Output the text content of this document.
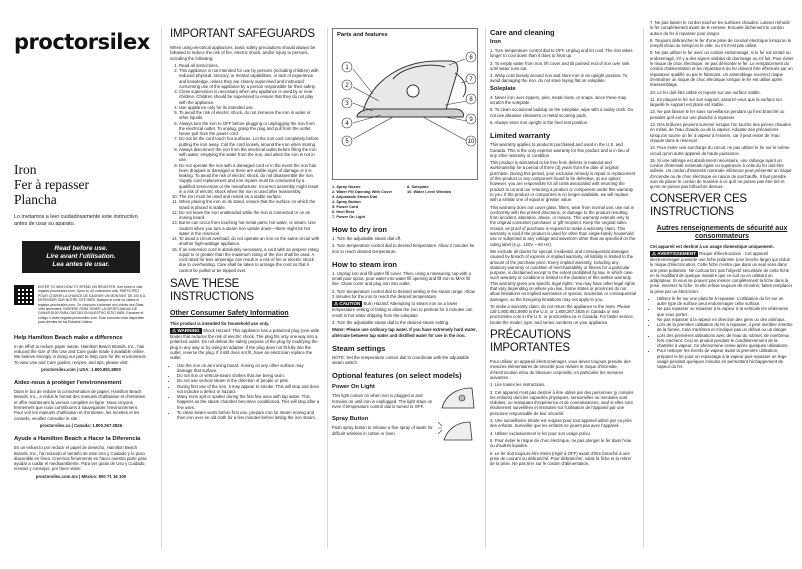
proctorsilex

Iron

Fer à repasser

Plancha

Lo invitamos a leer cuidadosamente este instructivo antes de usar su aparato.

Read before use.
Lire avant l'utilisation.
Lea antes de usar.
ENTER TO WIN! HOW TO SPEND ON REGISTER. See rules or visit register.proctorsilex.com. Open to US customers only. PARTICIPEZ POUR COURIR LA CHANCE DE GAGNER UN MONTANT DE 100 $ À DÉPENSER SUR NOTRE SITE WEB. Balayez le code ou visitez le registre.proctorsilex.com. Ce concours s'adresse aux clients des États-Unis seulement. INGRESE PARA TENER LA OPORTUNIDAD DE GANAR $100 PARA GASTAR EN NUESTRO SITIO WEB. Escanee el código o visite register.proctorsilex.com. Este concurso está disponible para clientes de los Estados Unidos.
Help Hamilton Beach make a difference

In an effort to reduce paper waste, Hamilton Beach Brands, Inc., has reduced the size of this Use and Care guide made it available online. We believe strongly in doing our part to help care for the environment. To view Use and Care guides, recipes, and tips, please visit:

proctorsilex.com | USA: 1.800.851.8900

Aidez-nous à protéger l'environnement

Dans le but de réduire la consommation de papier, Hamilton Beach Brands, Inc., a réduit le format des manuels d'utilisation et d'entretien et offre maintenant la version complète en ligne. Nous croyons fermement que nous contribuons à sauvegarder l'environnement. Pour voir les manuels d'utilisation et d'entretien, les recettes et les conseils, veuillez consulter le site :

proctorsilex.ca | Canada: 1.800.267.2826

Ayude a Hamilton Beach a Hacer la Diferencia

En un esfuerzo por reducir el papel de desecho, Hamilton Beach Brands, Inc., ha reducido el tamaño de este Uso y Cuidado y lo puso disponible en línea. Creemos firmemente en hacer nuestra parte para ayudar a cuidar el medioambiente. Para ver guías de Uso y Cuidado, recetas y consejos, por favor visite:

proctorsilex.com.mx | México: 800 71 16 100

IMPORTANT SAFEGUARDS

When using electrical appliances, basic safety precautions should always be followed to reduce the risk of fire, electric shock, and/or injury to persons, including the following:

1. Read all instructions.
2. This appliance is not intended for use by persons (including children) with reduced physical, sensory, or mental capabilities, or lack of experience and knowledge, unless they are closely supervised and instructed concerning use of the appliance by a person responsible for their safety.
3. Close supervision is necessary when any appliance is used by or near children. Children should be supervised to ensure that they do not play with the appliance.
4. Use appliance only for its intended use.
5. To avoid the risk of electric shock, do not immerse the iron in water or other liquids.
6. Always turn the iron to OFF before plugging or unplugging the iron from the electrical outlet. To unplug, grasp the plug and pull from the outlet. Never pull from the power cord.
7. Do not let the cord touch hot surfaces. Let the iron cool completely before putting the iron away. Coil the cord loosely around the iron when storing.
8. Always disconnect the iron from the electrical outlet before filling the iron with water, emptying the water from the iron, and when the iron is not in use.
9. Do not operate the iron with a damaged cord or in the event the iron has been dropped or damaged or there are visible signs of damage or it is leaking. To avoid the risk of electric shock, do not disassemble the iron. Supply cord replacement and iron repairs must be conducted by a qualified serviceman or the manufacturer. Incorrect assembly might result in a risk of electric shock when the iron is used after reassembly.
10. The iron must be used and rested on a stable surface.
11. When placing the iron on its stand, ensure that the surface on which the stand is placed is stable.
12. Do not leave the iron unattended while the iron is connected or on an ironing board.
13. Burns can occur from touching hot metal parts, hot water, or steam. Use caution when you turn a steam iron upside down—there might be hot water in the reservoir.
14. To avoid a circuit overload, do not operate an iron on the same circuit with another high-wattage appliance.
15. If an extension cord is absolutely necessary, a cord with an ampere rating equal to or greater than the maximum rating of the iron shall be used. A cord rated for less amperage can result in a risk of fire or electric shock due to overheating. Care shall be taken to arrange the cord so that it cannot be pulled or be tripped over.
SAVE THESE INSTRUCTIONS
Other Consumer Safety Information

This product is intended for household use only.

⚠ WARNING Shock Hazard: This appliance has a polarized plug (one wide blade) that reduces the risk of electric shock. The plug fits only one way into a polarized outlet. Do not defeat the safety purpose of the plug by modifying the plug in any way or by using an adapter. If the plug does not fit fully into the outlet, reverse the plug. If it still does not fit, have an electrician replace the outlet.

• Use the iron on an ironing board. Ironing on any other surface may damage that surface.
• Do not iron or vertical-steam clothes that are being worn.
• Do not use vertical steam in the direction of people or pets.
• During first use of the iron, it may appear to smoke. This will stop and does not indicate a defect or hazard.
• Many irons spit or sputter during the first few uses with tap water. This happens as the steam chamber becomes conditioned. This will stop after a few uses.
• To clean steam vents before first use, prepare iron for steam ironing and then iron over an old cloth for a few minutes before letting the iron steam.
Parts and features
1
2
3
4
5
6
7
8
9
10
1. Spray Nozzle	8. Soleplate
2. Water Fill Opening With Cover	10. Water Level Window
3. Adjustable Steam Dial
4. Spray Button
5. Power Cord
6. Heel Rest
7. Power On Light
How to dry iron

1. Turn the adjustable steam dial off.

2. Turn temperature control dial to desired temperature. Allow 2 minutes for iron to reach desired temperature.

How to steam iron

1. Unplug iron and fill water fill cover. Then, using a measuring cup with a small pour spout, pour water into water fill opening and fill iron to MAX fill line. Close cover and plug iron into outlet.

2. Turn temperature control dial to desired setting in the steam range. Allow 2 minutes for the iron to reach the desired temperature.

⚠ CAUTION Burn Hazard: Attempting to steam iron on a lower temperature setting or failing to allow the iron to preheat for 2 minutes can result in hot water dripping from the soleplate.

3. Turn the adjustable steam dial to the desired steam setting.

Water: Please use ordinary tap water. If you have extremely hard water, alternate between tap water and distilled water for use in the iron.

Steam settings

NOTE: Set the temperature control dial to coordinate with the adjustable steam switch.

Optional features (on select models)
Power On Light

This light comes on when iron is plugged in and remains on until iron is unplugged. The light stays on even if temperature control dial is turned to OFF.

Spray Button

Push spray button to release a fine spray of water for difficult wrinkles in cotton or linen.

Care and cleaning
Iron

1. Turn temperature control dial to OFF. Unplug and let cool. The iron takes longer to cool down than it does to heat up.

2. To empty water from iron, lift cover and tilt pointed end of iron over sink until water runs out.

3. Wrap cord loosely around iron and store iron in an upright position. To avoid damaging the iron, do not store laying flat on soleplate.

Soleplate

4. Never iron over zippers, pins, metal rivets, or snaps, since these may scratch the soleplate.

5. To clean occasional buildup on the soleplate, wipe with a sudsy cloth. Do not use abrasive cleansers or metal scouring pads.

6. Always store iron upright in the heel rest position.

Limited warranty

This warranty applies to products purchased and used in the U.S. and Canada. This is the only express warranty for this product and is in lieu of any other warranty or condition.

This product is warranted to be free from defects in material and workmanship for a period of three (3) years from the date of original purchase. During this period, your exclusive remedy is repair or replacement of this product or any component found to be defective, at our option; however, you are responsible for all costs associated with returning the product to us and our returning a product or component under this warranty to you. If the product or component is no longer available, we will replace with a similar one of equal or greater value.

This warranty does not cover glass, filters, wear from normal use, use not in conformity with the printed directions, or damage to the product resulting from accident, alteration, abuse, or misuse. This warranty extends only to the original consumer purchaser or gift recipient. Keep the original sales receipt, as proof of purchase is required to make a warranty claim. This warranty is void if the product is used for other than single-family household use or subjected to any voltage and waveform other than as specified on the rating label (e.g., 120V ~ 60 Hz).

We exclude all claims for special, incidental, and consequential damages caused by breach of express or implied warranty. All liability is limited to the amount of the purchase price. Every implied warranty, including any statutory warranty or condition of merchantability or fitness for a particular purpose, is disclaimed except to the extent prohibited by law, in which case such warranty or condition is limited to the duration of this written warranty. This warranty gives you specific legal rights. You may have other legal rights that vary depending on where you live. Some states or provinces do not allow limitations on implied warranties or special, incidental, or consequential damages, so the foregoing limitations may not apply to you.

To make a warranty claim, do not return the appliance to the store. Please call 1.800.851.8900 in the U.S. or 1.800.267.2826 in Canada or visit proctorsilex.com in the U.S. or proctorsilex.ca in Canada. For faster service, locate the model, type, and series numbers on your appliance.

PRÉCAUTIONS IMPORTANTES

Pour utiliser un appareil électroménager, vous devez toujours prendre des mesures élémentaires de sécurité pour réduire le risque d'incendie, d'électrocution et/ou de blessure corporelle, en particulier les mesures suivantes :

1. Lire toutes les instructions.

2. Cet appareil n'est pas destiné à être utilisé par des personnes (y compris les enfants) dont les capacités physiques, sensorielles ou mentales sont réduites, ou manquant d'expérience et de connaissances, sauf si elles sont étroitement surveillées et instruites sur l'utilisation de l'appareil par une personne responsable de leur sécurité.

3. Une surveillance étroite est requise pour tout appareil utilisé par ou près des enfants. Surveiller que les enfants ne jouent pas avec l'appareil.

4. Utiliser exclusivement le fer pour son usage prévu.

5. Pour éviter le risque de choc électrique, ne pas plonger le fer dans l'eau ou d'autres liquides.

6. Le fer doit toujours être éteint (réglé à OFF) avant d'être branché à une prise de courant ou débranché. Pour débrancher, saisir la fiche et la retirer de la prise. Ne pas tirer sur le cordon d'alimentation.

7. Ne pas laisser le cordon toucher les surfaces chaudes. Laisser refroidir le fer complètement avant de le remiser. Enrouler lâchement le cordon autour du fer à repasser pour ranger.

8. Toujours débrancher le fer d'une prise de courant électrique lorsqu'on le remplit d'eau ou lorsqu'on le vide, ou s'il n'est pas utilisé.

9. Ne pas utiliser le fer avec un cordon endommagé, si le fer est tombé ou endommagé, s'il y a des signes visibles de dommage ou s'il fuit. Pour éviter le risque de choc électrique, ne pas démonter le fer. Le remplacement du cordon d'alimentation et les réparations du fer doivent être effectués par un réparateur qualifié ou par le fabricant. Un assemblage incorrect risque d'entraîner un risque de choc électrique lorsque le fer est utilisé après réassemblage.

10. Le fer doit être utilisé et reposé sur une surface stable.

11. En plaçant le fer sur son support, assurez-vous que la surface sur laquelle le support est placé est stable.

12. Ne pas laisser le fer sans surveillance pendant qu'il est branché ou pendant qu'il est sur une planche à repasser.

13. Des brûlures peuvent survenir lorsque l'on touche des pièces chaudes en métal, de l'eau chaude ou de la vapeur. Adopter des précautions lorsqu'on tourne un fer à vapeur à l'envers, car il peut rester de l'eau chaude dans le réservoir.

14. Pour éviter une surcharge du circuit, ne pas utiliser le fer sur le même circuit qu'un autre appareil de haute puissance.

15. Si une rallonge est absolument nécessaire, une rallonge ayant un cordon d'intensité nominale égale ou supérieure à celle du fer doit être utilisée. Un cordon d'intensité nominale inférieure peut présenter un risque d'incendie ou de choc électrique en raison de surchauffe. Il faut prendre soin de placer le cordon de manière à ce qu'il ne puisse pas être tiré et qu'on ne puisse pas trébucher dessus.

CONSERVER CES INSTRUCTIONS
Autres renseignements de sécurité aux consommateurs

Cet appareil est destiné à un usage domestique uniquement.

⚠ AVERTISSEMENT Risque d'électrocution : Cet appareil électroménager possède une fiche polarisée (une broche large) qui réduit le risque d'électrocution. Cette fiche n'entre que dans un seul sens dans une prise polarisée. Ne contournez pas l'objectif sécuritaire de cette fiche en la modifiant de quelque manière que ce soit ou en utilisant un adaptateur. Si vous ne pouvez pas insérer complètement la fiche dans la prise, inversez la fiche. Si elle refuse toujours de s'insérer, faites remplacer la prise par un électricien.

• Utilisez le fer sur une planche à repasser. L'utilisation du fer sur un autre type de surface peut endommager cette surface.
• Ne pas repasser ou repasser à la vapeur à la verticale les vêtements que vous portez.
• Ne pas repasser à la vapeur en direction des gens ou des animaux.
• Lors de la première utilisation du fer à repasser, il peut sembler émettre de la fumée. Cela s'arrêtera et n'indique pas un défaut ou un danger.
• Lors des premières utilisations avec de l'eau du robinet, de nombreux fers crachent. Ceci se produit pendant le conditionnement de la chambre à vapeur. Ce phénomène cesse après quelques utilisations.
• Pour nettoyer les évents de vapeur avant la première utilisation, préparer le fer pour un repassage à la vapeur puis repasser un linge usagé pendant quelques minutes en permettant l'échappement de vapeur du fer.
